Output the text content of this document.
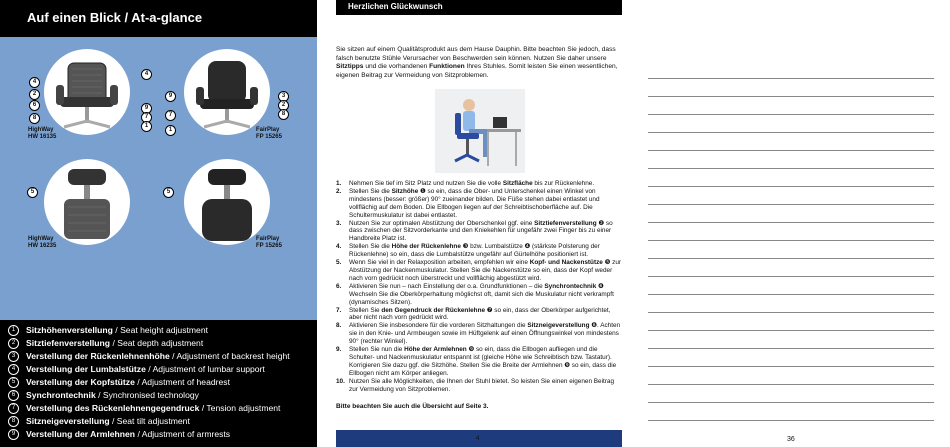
Auf einen Blick / At-a-glance
4
2
6
8
4
9
7
1
9
7
1
3
2
8
5	5
HighWay
HW 16135
FairPlay
FP 15265
HighWay
HW 16235
FairPlay
FP 15265
1	Sitzhöhenverstellung / Seat height adjustment
2	Sitztiefenverstellung / Seat depth adjustment
3	Verstellung der Rückenlehnenhöhe / Adjustment of backrest height
4	Verstellung der Lumbalstütze / Adjustment of lumbar support
5	Verstellung der Kopfstütze / Adjustment of headrest
6	Synchrontechnik / Synchronised technology
7	Verstellung des Rückenlehnengegendruck / Tension adjustment
8	Sitzneigeverstellung / Seat tilt adjustment
9	Verstellung der Armlehnen / Adjustment of armrests
Herzlichen Glückwunsch

Sie sitzen auf einem Qualitätsprodukt aus dem Hause Dauphin. Bitte beachten Sie jedoch, dass falsch benutzte Stühle Verursacher von Beschwerden sein können. Nutzen Sie daher unsere Sitztipps und die vorhandenen Funktionen Ihres Stuhles. Somit leisten Sie einen wesentlichen, eigenen Beitrag zur Vermeidung von Sitzproblemen.

1. Nehmen Sie tief im Sitz Platz und nutzen Sie die volle Sitzfläche bis zur Rückenlehne.
2. Stellen Sie die Sitzhöhe ❶ so ein, dass die Ober- und Unterschenkel einen Winkel von mindestens (besser: größer) 90° zueinander bilden. Die Füße stehen dabei entlastet und vollflächig auf dem Boden. Die Ellbogen liegen auf der Schreibtischoberfläche auf. Die Schultermuskulatur ist dabei entlastet.
3. Nutzen Sie zur optimalen Abstützung der Oberschenkel ggf. eine Sitztiefenverstellung ❷ so dass zwischen der Sitzvorderkante und den Kniekehlen für ungefähr zwei Finger bis zu einer Handbreite Platz ist.
4. Stellen Sie die Höhe der Rückenlehne ❸ bzw. Lumbalstütze ❹ (stärkste Polsterung der Rückenlehne) so ein, dass die Lumbalstütze ungefähr auf Gürtelhöhe positioniert ist.
5. Wenn Sie viel in der Relaxposition arbeiten, empfehlen wir eine Kopf- und Nackenstütze ❺ zur Abstützung der Nackenmuskulatur. Stellen Sie die Nackenstütze so ein, dass der Kopf weder nach vorn gedrückt noch überstreckt und vollflächig abgestützt wird.
6. Aktivieren Sie nun – nach Einstellung der o.a. Grundfunktionen – die Synchrontechnik ❻ Wechseln Sie die Oberkörperhaltung möglichst oft, damit sich die Muskulatur nicht verkrampft (dynamisches Sitzen).
7. Stellen Sie den Gegendruck der Rückenlehne ❼ so ein, dass der Oberkörper aufgerichtet, aber nicht nach vorn gedrückt wird.
8. Aktivieren Sie insbesondere für die vorderen Sitzhaltungen die Sitzneigeverstellung ❽. Achten sie in den Knie- und Armbeugen sowie im Hüftgelenk auf einen Öffnungswinkel von mindestens 90° (rechter Winkel).
9. Stellen Sie nun die Höhe der Armlehnen ❾ so ein, dass die Ellbogen aufliegen und die Schulter- und Nackenmuskulatur entspannt ist (gleiche Höhe wie Schreibtisch bzw. Tastatur). Korrigieren Sie dazu ggf. die Sitzhöhe. Stellen Sie die Breite der Armlehnen ❾ so ein, dass die Ellbogen nicht am Körper anliegen.
10. Nutzen Sie alle Möglichkeiten, die Ihnen der Stuhl bietet. So leisten Sie einen eigenen Beitrag zur Vermeidung von Sitzproblemen.
Bitte beachten Sie auch die Übersicht auf Seite 3.
4	36
